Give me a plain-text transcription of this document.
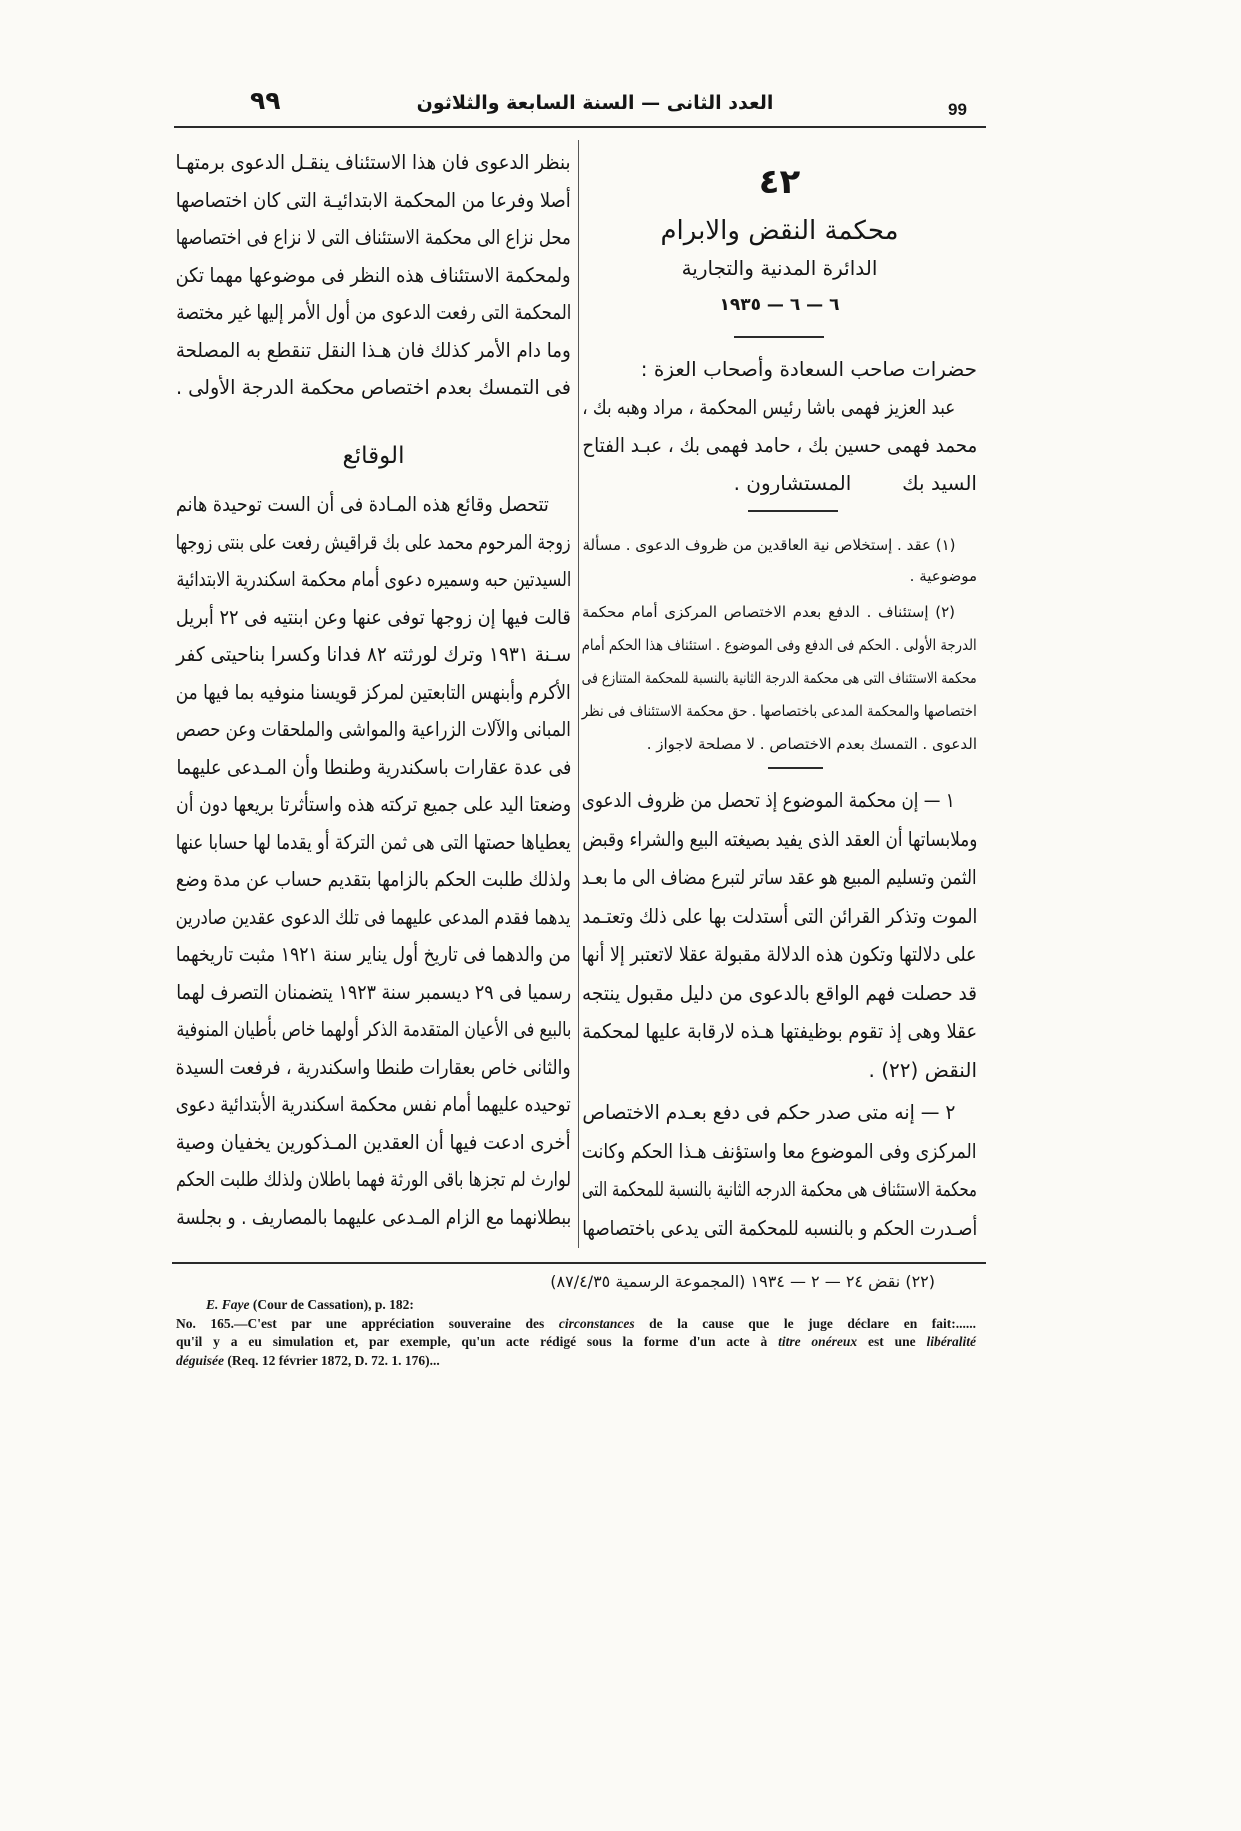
٩٩	العدد الثانى — السنة السابعة والثلاثون	99
٤٢
محكمة النقض والابرام
الدائرة المدنية والتجارية
٦ — ٦ — ١٩٣٥
حضرات صاحب السعادة وأصحاب العزة :
عبد العزيز فهمى باشا رئيس المحكمة ، مراد وهبه بك ،
محمد فهمى حسين بك ، حامد فهمى بك ، عبـد الفتاح
السيد بك        المستشارون .
(١) عقد . إستخلاص نية العاقدين من ظروف الدعوى . مسألة
موضوعية .
(٢) إستئناف . الدفع بعدم الاختصاص المركزى أمام محكمة
الدرجة الأولى . الحكم فى الدفع وفى الموضوع . استئناف هذا الحكم أمام
محكمة الاستئناف التى هى محكمة الدرجة الثانية بالنسبة للمحكمة المتنازع فى
اختصاصها والمحكمة المدعى باختصاصها . حق محكمة الاستئناف فى نظر
الدعوى . التمسك بعدم الاختصاص . لا مصلحة لاجواز .
١ — إن محكمة الموضوع إذ تحصل من ظروف الدعوى
وملابساتها أن العقد الذى يفيد بصيغته البيع والشراء وقبض
الثمن وتسليم المبيع هو عقد ساتر لتبرع مضاف الى ما بعـد
الموت وتذكر القرائن التى أستدلت بها على ذلك وتعتـمد
على دلالتها وتكون هذه الدلالة مقبولة عقلا لاتعتبر إلا أنها
قد حصلت فهم الواقع بالدعوى من دليل مقبول ينتجه
عقلا وهى إذ تقوم بوظيفتها هـذه لارقابة عليها لمحكمة
النقض (٢٢) .
٢ — إنه متى صدر حكم فى دفع بعـدم الاختصاص
المركزى وفى الموضوع معا واستؤنف هـذا الحكم وكانت
محكمة الاستئناف هى محكمة الدرجه الثانية بالنسبة للمحكمة التى
أصـدرت الحكم و بالنسبه للمحكمة التى يدعى باختصاصها
بنظر الدعوى فان هذا الاستئناف ينقـل الدعوى برمتهـا
أصلا وفرعا من المحكمة الابتدائيـة التى كان اختصاصها
محل نزاع الى محكمة الاستئناف التى لا نزاع فى اختصاصها
ولمحكمة الاستئناف هذه النظر فى موضوعها مهما تكن
المحكمة التى رفعت الدعوى من أول الأمر إليها غير مختصة
وما دام الأمر كذلك فان هـذا النقل تنقطع به المصلحة
فى التمسك بعدم اختصاص محكمة الدرجة الأولى .
الوقائع
تتحصل وقائع هذه المـادة فى أن الست توحيدة هانم
زوجة المرحوم محمد على بك قراقيش رفعت على بنتى زوجها
السيدتين حبه وسميره دعوى أمام محكمة اسكندرية الابتدائية
قالت فيها إن زوجها توفى عنها وعن ابنتيه فى ٢٢ أبريل
سـنة ١٩٣١ وترك لورثته ٨٢ فدانا وكسرا بناحيتى كفر
الأكرم وأبنهس التابعتين لمركز قويسنا منوفيه بما فيها من
المبانى والآلات الزراعية والمواشى والملحقات وعن حصص
فى عدة عقارات باسكندرية وطنطا وأن المـدعى عليهما
وضعتا اليد على جميع تركته هذه واستأثرتا بريعها دون أن
يعطياها حصتها التى هى ثمن التركة أو يقدما لها حسابا عنها
ولذلك طلبت الحكم بالزامها بتقديم حساب عن مدة وضع
يدهما فقدم المدعى عليهما فى تلك الدعوى عقدين صادرين
من والدهما فى تاريخ أول يناير سنة ١٩٢١ مثبت تاريخهما
رسميا فى ٢٩ ديسمبر سنة ١٩٢٣ يتضمنان التصرف لهما
بالبيع فى الأعيان المتقدمة الذكر أولهما خاص بأطيان المنوفية
والثانى خاص بعقارات طنطا واسكندرية ، فرفعت السيدة
توحيده عليهما أمام نفس محكمة اسكندرية الأبتدائية دعوى
أخرى ادعت فيها أن العقدين المـذكورين يخفيان وصية
لوارث لم تجزها باقى الورثة فهما باطلان ولذلك طلبت الحكم
ببطلانهما مع الزام المـدعى عليهما بالمصاريف . و بجلسة
(٢٢) نقض ٢٤ — ٢ — ١٩٣٤ (المجموعة الرسمية ٨٧/٤/٣٥)
E. Faye (Cour de Cassation), p. 182:
No. 165.—C'est par une appréciation souveraine des circonstances de la cause que le juge déclare en fait:......
qu'il y a eu simulation et, par exemple, qu'un acte rédigé sous la forme d'un acte à titre onéreux est une libéralité
déguisée (Req. 12 février 1872, D. 72. 1. 176)...
